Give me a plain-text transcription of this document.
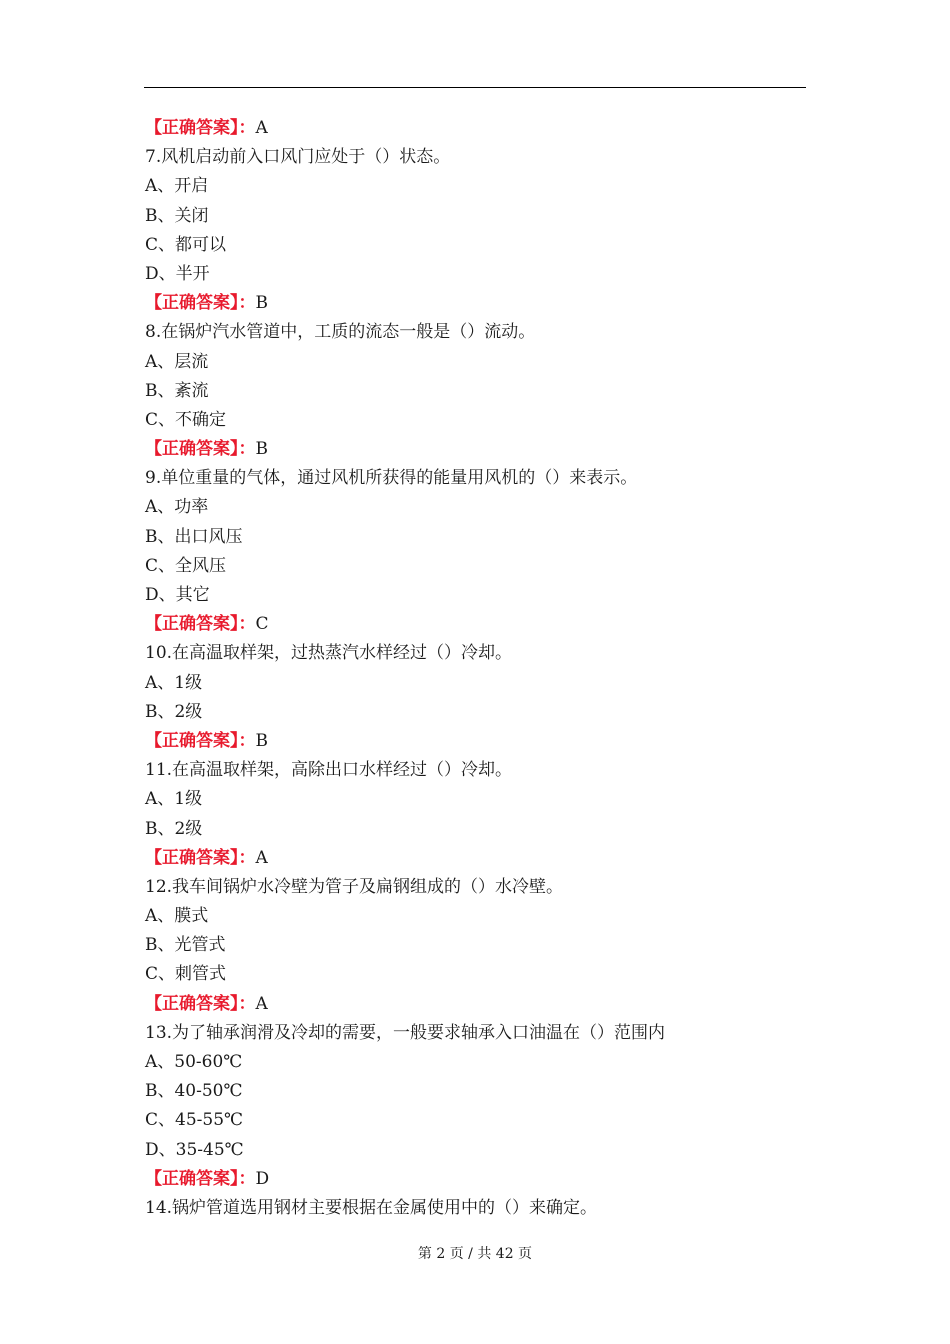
【正确答案】：A
7.风机启动前入口风门应处于（）状态。
A、开启
B、关闭
C、都可以
D、半开
【正确答案】：B
8.在锅炉汽水管道中，工质的流态一般是（）流动。
A、层流
B、紊流
C、不确定
【正确答案】：B
9.单位重量的气体，通过风机所获得的能量用风机的（）来表示。
A、功率
B、出口风压
C、全风压
D、其它
【正确答案】：C
10.在高温取样架，过热蒸汽水样经过（）冷却。
A、1级
B、2级
【正确答案】：B
11.在高温取样架，高除出口水样经过（）冷却。
A、1级
B、2级
【正确答案】：A
12.我车间锅炉水冷壁为管子及扁钢组成的（）水冷壁。
A、膜式
B、光管式
C、刺管式
【正确答案】：A
13.为了轴承润滑及冷却的需要，一般要求轴承入口油温在（）范围内
A、50-60℃
B、40-50℃
C、45-55℃
D、35-45℃
【正确答案】：D
14.锅炉管道选用钢材主要根据在金属使用中的（）来确定。
第 2 页 / 共 42 页
